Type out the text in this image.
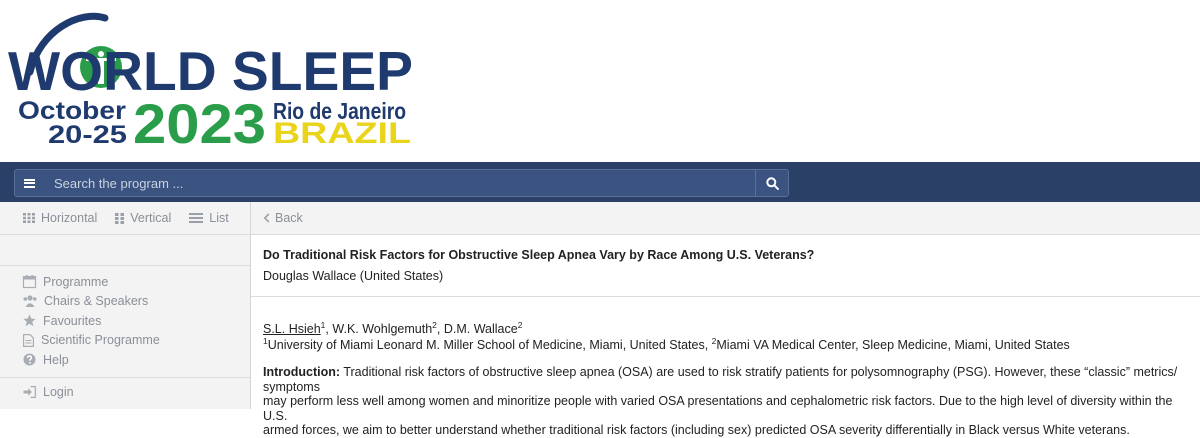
WORLD SLEEP
October
20-25 2023 Rio de Janeiro
BRAZIL
Search the program ...
Horizontal	Vertical	List
Programme
Chairs & Speakers
Favourites
Scientific Programme
Help
Login
Back
Do Traditional Risk Factors for Obstructive Sleep Apnea Vary by Race Among U.S. Veterans?
Douglas Wallace (United States)
S.L. Hsieh$^1$, W.K. Wohlgemuth$^2$, D.M. Wallace$^2$
$^1$University of Miami Leonard M. Miller School of Medicine, Miami, United States, $^2$Miami VA Medical Center, Sleep Medicine, Miami, United States
Introduction: Traditional risk factors of obstructive sleep apnea (OSA) are used to risk stratify patients for polysomnography (PSG). However, these “classic” metrics/ symptoms
may perform less well among women and minoritize people with varied OSA presentations and cephalometric risk factors. Due to the high level of diversity within the U.S.
armed forces, we aim to better understand whether traditional risk factors (including sex) predicted OSA severity differentially in Black versus White veterans.
